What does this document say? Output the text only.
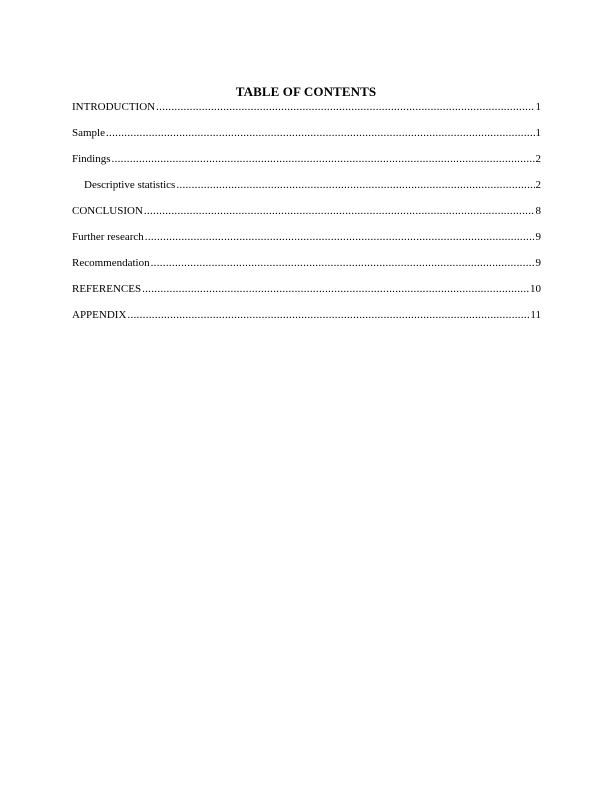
TABLE OF CONTENTS
INTRODUCTION .....	1
Sample .....	1
Findings .....	2
Descriptive statistics .....	2
CONCLUSION .....	8
Further research .....	9
Recommendation .....	9
REFERENCES .....	10
APPENDIX .....	11
